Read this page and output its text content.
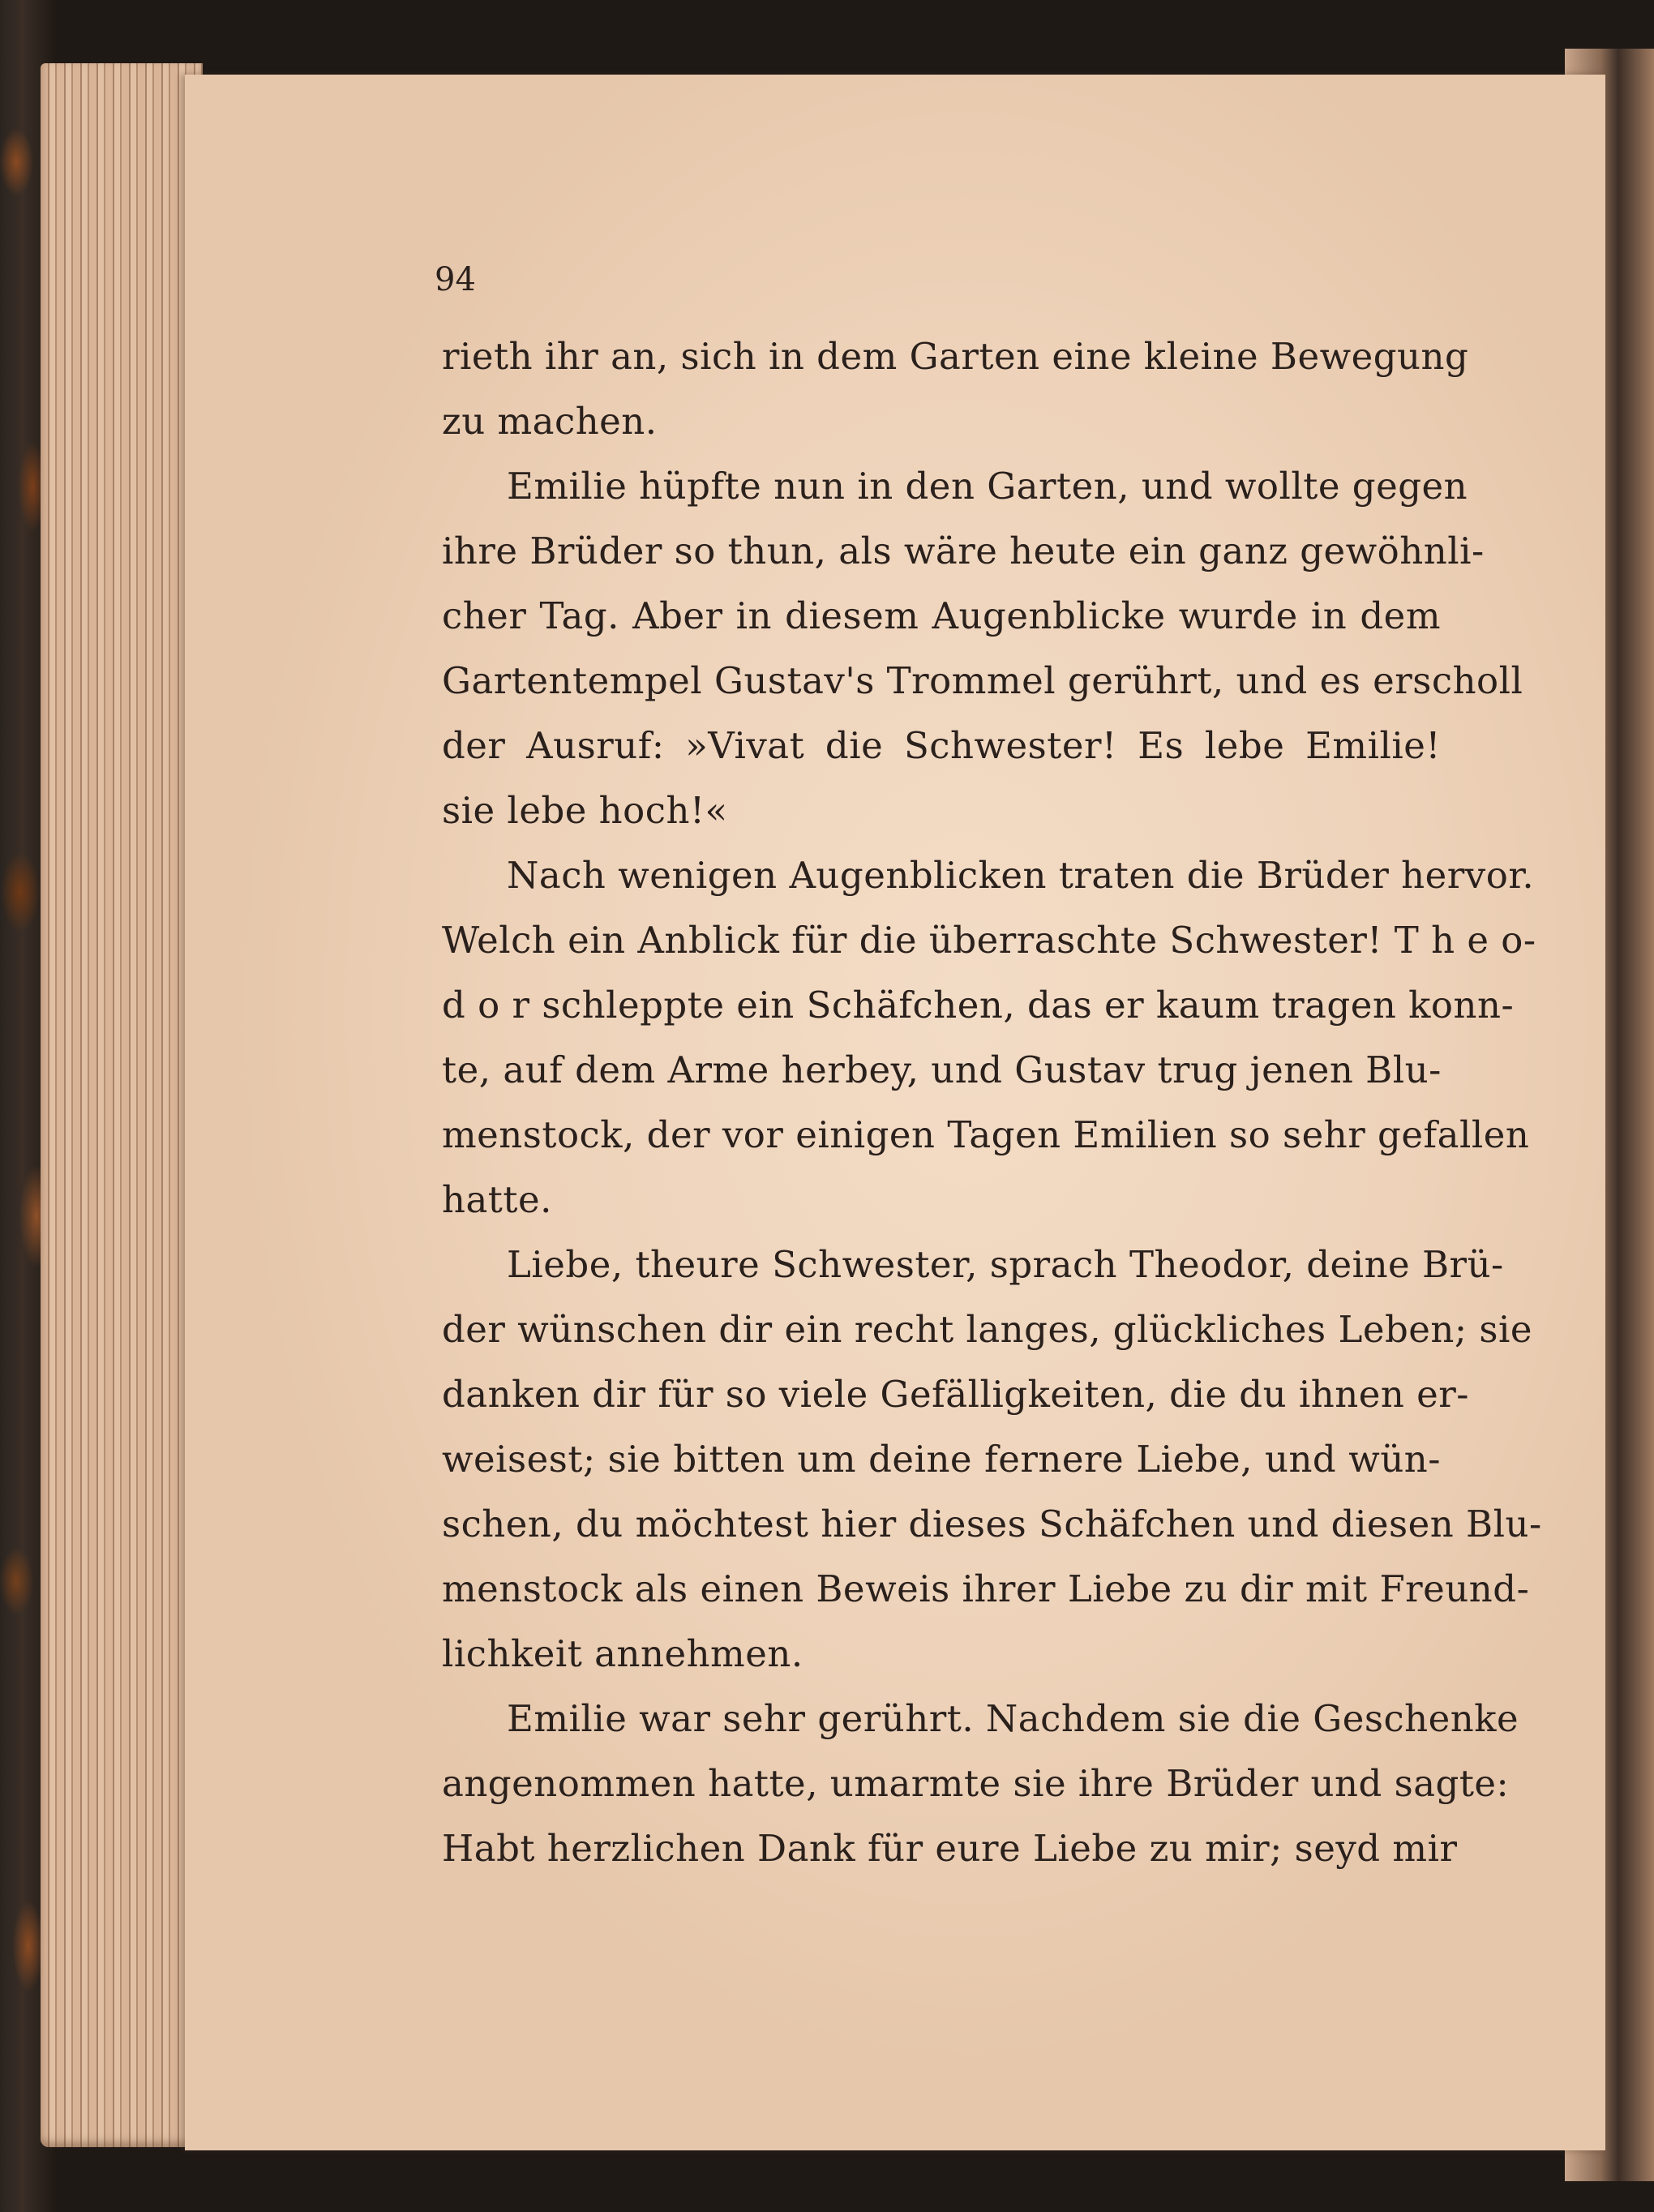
94
rieth ihr an, sich in dem Garten eine kleine Bewegung
zu machen.
Emilie hüpfte nun in den Garten, und wollte gegen
ihre Brüder so thun, als wäre heute ein ganz gewöhnli-
cher Tag. Aber in diesem Augenblicke wurde in dem
Gartentempel Gustav's Trommel gerührt, und es erscholl
der Ausruf: »Vivat die Schwester! Es lebe Emilie!
sie lebe hoch!«
Nach wenigen Augenblicken traten die Brüder hervor.
Welch ein Anblick für die überraschte Schwester! T h e o-
d o r schleppte ein Schäfchen, das er kaum tragen konn-
te, auf dem Arme herbey, und Gustav trug jenen Blu-
menstock, der vor einigen Tagen Emilien so sehr gefallen
hatte.
Liebe, theure Schwester, sprach Theodor, deine Brü-
der wünschen dir ein recht langes, glückliches Leben; sie
danken dir für so viele Gefälligkeiten, die du ihnen er-
weisest; sie bitten um deine fernere Liebe, und wün-
schen, du möchtest hier dieses Schäfchen und diesen Blu-
menstock als einen Beweis ihrer Liebe zu dir mit Freund-
lichkeit annehmen.
Emilie war sehr gerührt. Nachdem sie die Geschenke
angenommen hatte, umarmte sie ihre Brüder und sagte:
Habt herzlichen Dank für eure Liebe zu mir; seyd mir
